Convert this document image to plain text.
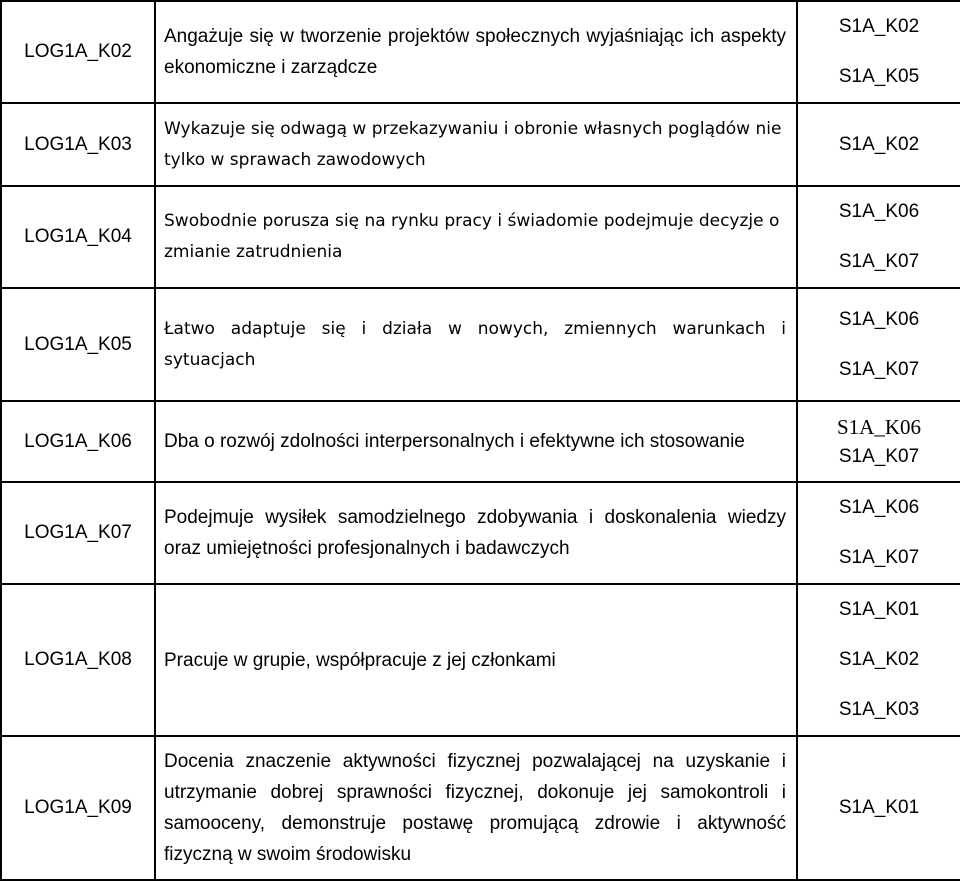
LOG1A_K02	Angażuje się w tworzenie projektów społecznych wyjaśniając ich aspekty ekonomiczne i zarządcze	S1A_K02
S1A_K05

LOG1A_K03	Wykazuje się odwagą w przekazywaniu i obronie własnych poglądów nie tylko w sprawach zawodowych	S1A_K02

LOG1A_K04	Swobodnie porusza się na rynku pracy i świadomie podejmuje decyzje o zmianie zatrudnienia	S1A_K06
S1A_K07

LOG1A_K05	Łatwo adaptuje się i działa w nowych, zmiennych warunkach i sytuacjach	S1A_K06
S1A_K07

LOG1A_K06	Dba o rozwój zdolności interpersonalnych i efektywne ich stosowanie	S1A_K06
S1A_K07

LOG1A_K07	Podejmuje wysiłek samodzielnego zdobywania i doskonalenia wiedzy oraz umiejętności profesjonalnych i badawczych	S1A_K06
S1A_K07

LOG1A_K08	Pracuje w grupie, współpracuje z jej członkami	S1A_K01
S1A_K02
S1A_K03

LOG1A_K09	Docenia znaczenie aktywności fizycznej pozwalającej na uzyskanie i utrzymanie dobrej sprawności fizycznej, dokonuje jej samokontroli i samooceny, demonstruje postawę promującą zdrowie i aktywność fizyczną w swoim środowisku	S1A_K01
